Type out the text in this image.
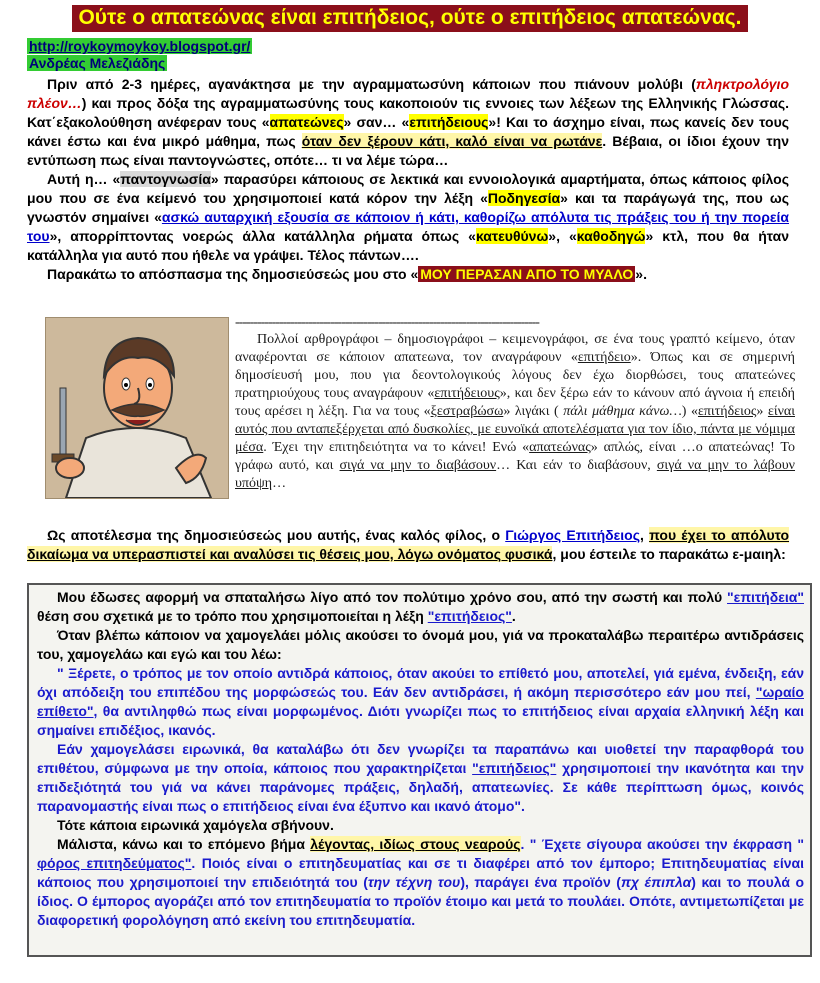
Ούτε ο απατεώνας είναι επιτήδειος, ούτε ο επιτήδειος απατεώνας.
http://roykoymoykoy.blogspot.gr/
Ανδρέας Μελεζιάδης

Πριν από 2-3 ημέρες, αγανάκτησα με την αγραμματωσύνη κάποιων που πιάνουν μολύβι (πληκτρολόγιο πλέον…) και προς δόξα της αγραμματωσύνης τους κακοποιούν τις εννοιες των λέξεων της Ελληνικής Γλώσσας. Κατ΄εξακολούθηση ανέφεραν τους «απατεώνες» σαν… «επιτήδειους»! Και το άσχημο είναι, πως κανείς δεν τους κάνει έστω και ένα μικρό μάθημα, πως όταν δεν ξέρουν κάτι, καλό είναι να ρωτάνε. Βέβαια, οι ίδιοι έχουν την εντύπωση πως είναι παντογνώστες, οπότε… τι να λέμε τώρα…

Αυτή η… «παντογνωσία» παρασύρει κάποιους σε λεκτικά και εννοιολογικά αμαρτήματα, όπως κάποιος φίλος μου που σε ένα κείμενό του χρησιμοποιεί κατά κόρον την λέξη «Ποδηγεσία» και τα παράγωγά της, που ως γνωστόν σημαίνει «ασκώ αυταρχική εξουσία σε κάποιον ή κάτι, καθορίζω απόλυτα τις πράξεις του ή την πορεία του», απορρίπτοντας νοερώς άλλα κατάλληλα ρήματα όπως «κατευθύνω», «καθοδηγώ» κτλ, που θα ήταν κατάλληλα για αυτό που ήθελε να γράψει. Τέλος πάντων….

Παρακάτω το απόσπασμα της δημοσιεύσεώς μου στο « ΜΟΥ ΠΕΡΑΣΑΝ ΑΠΟ ΤΟ ΜΥΑΛΟ ».

-----------------------------------------------------------------------------------

Πολλοί αρθρογράφοι – δημοσιογράφοι – κειμενογράφοι, σε ένα τους γραπτό κείμενο, όταν αναφέρονται σε κάποιον απατεωνα, τον αναγράφουν «επιτήδειο». Όπως και σε σημερινή δημοσίευσή μου, που για δεοντολογικούς λόγους δεν έχω διορθώσει, τους απατεώνες πρατηριούχους τους αναγράφουν «επιτήδειους», και δεν ξέρω εάν το κάνουν από άγνοια ή επειδή τους αρέσει η λέξη. Για να τους «ξεστραβώσω» λιγάκι ( πάλι μάθημα κάνω…) «επιτήδειος» είναι αυτός που ανταπεξέρχεται από δυσκολίες, με ευνοϊκά αποτελέσματα για τον ίδιο, πάντα με νόμιμα μέσα. Έχει την επιτηδειότητα να το κάνει! Ενώ «απατεώνας» απλώς, είναι …ο απατεώνας! Το γράφω αυτό, και σιγά να μην το διαβάσουν… Και εάν το διαβάσουν, σιγά να μην το λάβουν υπόψη…

Ως αποτέλεσμα της δημοσιεύσεώς μου αυτής, ένας καλός φίλος, ο Γιώργος Επιτήδειος, που έχει το απόλυτο δικαίωμα να υπερασπιστεί και αναλύσει τις θέσεις μου, λόγω ονόματος φυσικά, μου έστειλε το παρακάτω ε-μαιηλ:

Μου έδωσες αφορμή να σπαταλήσω λίγο από τον πολύτιμο χρόνο σου, από την σωστή και πολύ "επιτήδεια" θέση σου σχετικά με το τρόπο που χρησιμοποιείται η λέξη "επιτήδειος".

Όταν βλέπω κάποιον να χαμογελάει μόλις ακούσει το όνομά μου, γιά να προκαταλάβω περαιτέρω αντιδράσεις του, χαμογελάω και εγώ και του λέω:

" Ξέρετε, ο τρόπος με τον οποίο αντιδρά κάποιος, όταν ακούει το επίθετό μου, αποτελεί, γιά εμένα, ένδειξη, εάν όχι απόδειξη του επιπέδου της μορφώσεώς του. Εάν δεν αντιδράσει, ή ακόμη περισσότερο εάν μου πεί, "ωραίο επίθετο", θα αντιληφθώ πως είναι μορφωμένος. Διότι γνωρίζει πως το επιτήδειος είναι αρχαία ελληνική λέξη και σημαίνει επιδέξιος, ικανός.

Εάν χαμογελάσει ειρωνικά, θα καταλάβω ότι δεν γνωρίζει τα παραπάνω και υιοθετεί την παραφθορά του επιθέτου, σύμφωνα με την οποία, κάποιος που χαρακτηρίζεται "επιτήδειος" χρησιμοποιεί την ικανότητα και την επιδεξιότητά του γιά να κάνει παράνομες πράξεις, δηλαδή, απατεωνίες. Σε κάθε περίπτωση όμως, κοινός παρανομαστής είναι πως ο επιτήδειος είναι ένα έξυπνο και ικανό άτομο".

Τότε κάποια ειρωνικά χαμόγελα σβήνουν.

Μάλιστα, κάνω και το επόμενο βήμα λέγοντας, ιδίως στους νεαρούς. " Έχετε σίγουρα ακούσει την έκφραση " φόρος επιτηδεύματος". Ποιός είναι ο επιτηδευματίας και σε τι διαφέρει από τον έμπορο; Επιτηδευματίας είναι κάποιος που χρησιμοποιεί την επιδειότητά του (την τέχνη του), παράγει ένα προϊόν (πχ έπιπλα) και το πουλά ο ίδιος. Ο έμπορος αγοράζει από τον επιτηδευματία το προϊόν έτοιμο και μετά το πουλάει. Οπότε, αντιμετωπίζεται με διαφορετική φορολόγηση από εκείνη του επιτηδευματία.
